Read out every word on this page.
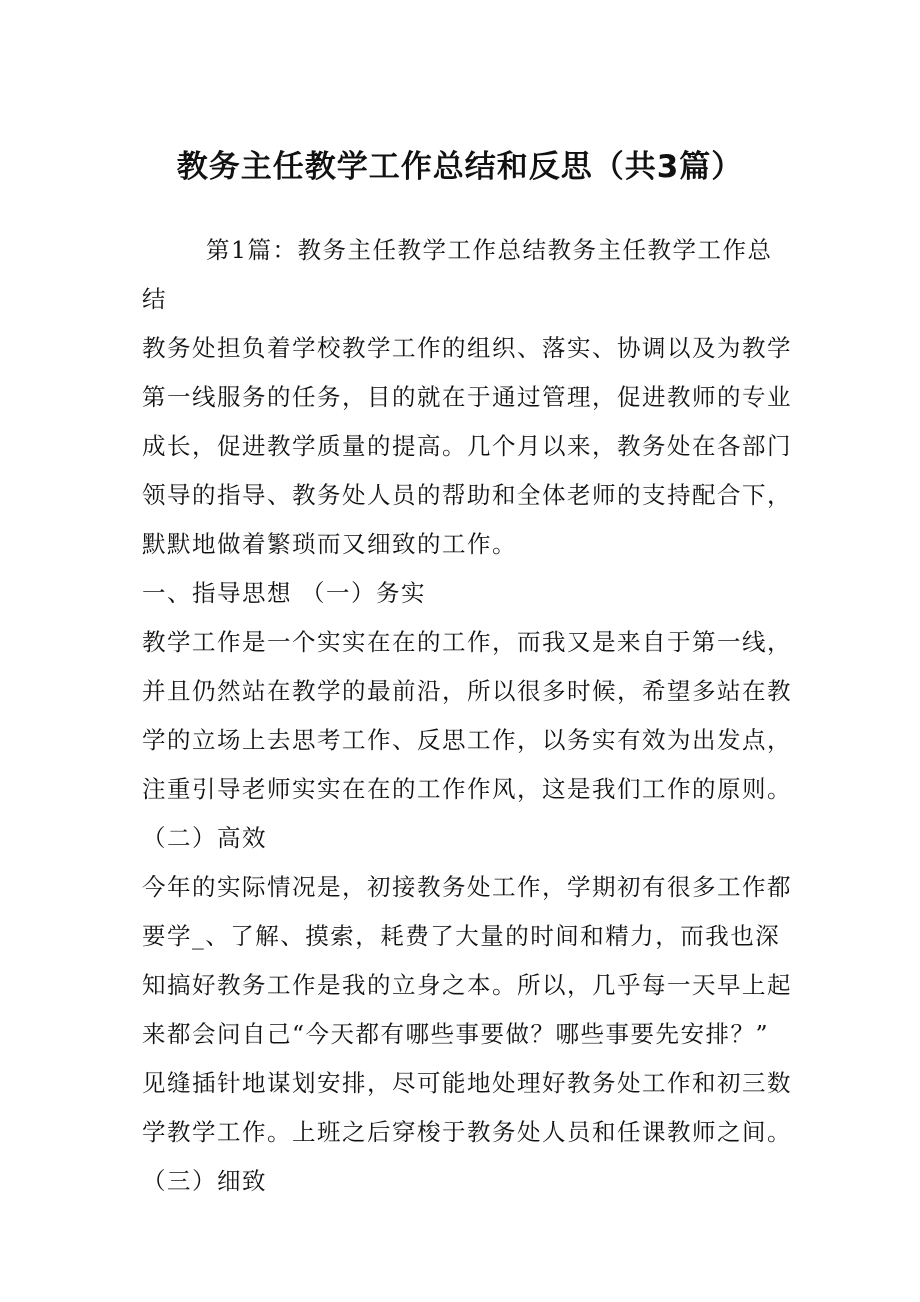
教务主任教学工作总结和反思（共3篇）
第1篇：教务主任教学工作总结教务主任教学工作总
结
教务处担负着学校教学工作的组织、落实、协调以及为教学
第一线服务的任务，目的就在于通过管理，促进教师的专业
成长，促进教学质量的提高。几个月以来，教务处在各部门
领导的指导、教务处人员的帮助和全体老师的支持配合下，
默默地做着繁琐而又细致的工作。
一、指导思想 （一）务实
教学工作是一个实实在在的工作，而我又是来自于第一线，
并且仍然站在教学的最前沿，所以很多时候，希望多站在教
学的立场上去思考工作、反思工作，以务实有效为出发点，
注重引导老师实实在在的工作作风，这是我们工作的原则。
（二）高效
今年的实际情况是，初接教务处工作，学期初有很多工作都
要学_、了解、摸索，耗费了大量的时间和精力，而我也深
知搞好教务工作是我的立身之本。所以，几乎每一天早上起
来都会问自己“今天都有哪些事要做？哪些事要先安排？”
见缝插针地谋划安排，尽可能地处理好教务处工作和初三数
学教学工作。上班之后穿梭于教务处人员和任课教师之间。
（三）细致
